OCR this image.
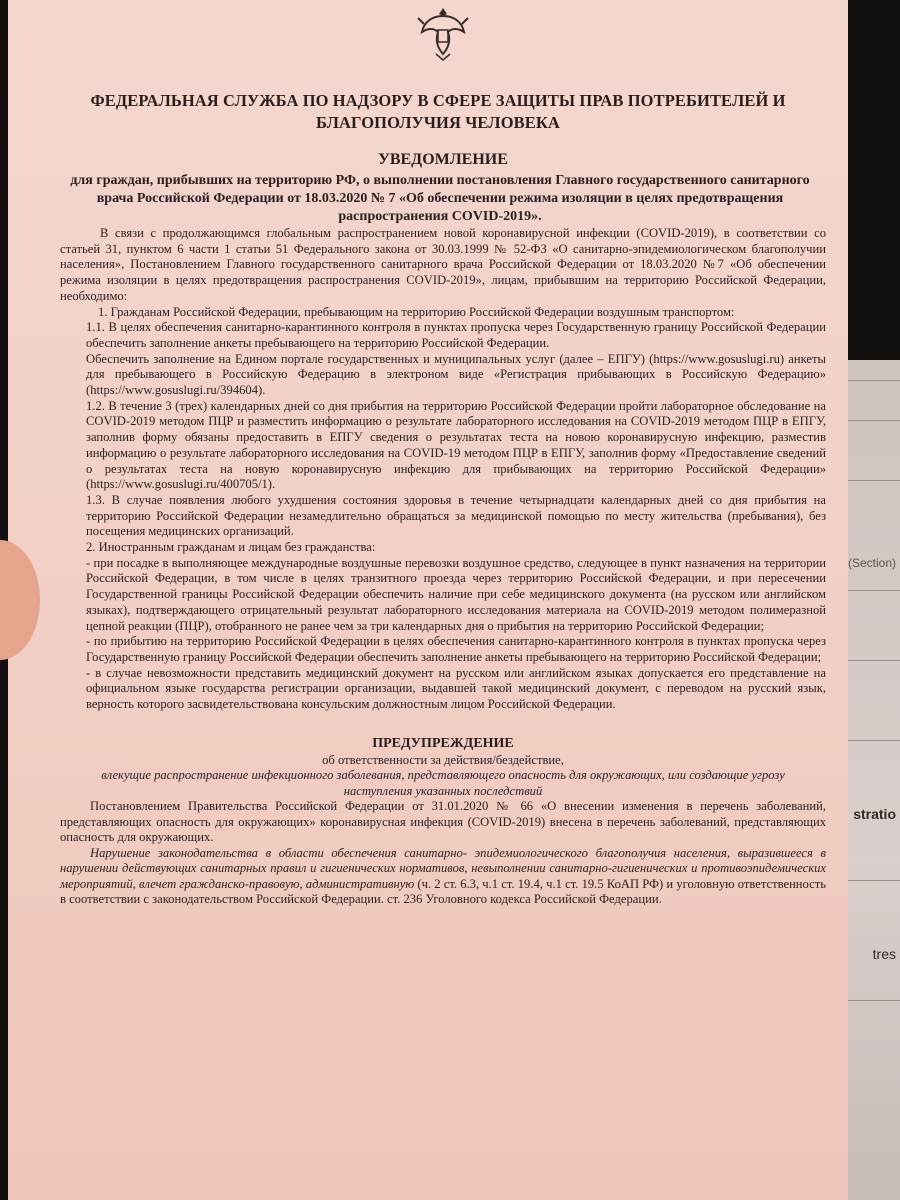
(Section)
stratio
tres
ФЕДЕРАЛЬНАЯ СЛУЖБА ПО НАДЗОРУ В СФЕРЕ ЗАЩИТЫ ПРАВ ПОТРЕБИТЕЛЕЙ И БЛАГОПОЛУЧИЯ ЧЕЛОВЕКА
УВЕДОМЛЕНИЕ
для граждан, прибывших на территорию РФ, о выполнении постановления Главного государственного санитарного врача Российской Федерации от 18.03.2020 № 7 «Об обеспечении режима изоляции в целях предотвращения распространения COVID-2019».

В связи с продолжающимся глобальным распространением новой коронавирусной инфекции (COVID-2019), в соответствии со статьей 31, пунктом 6 части 1 статьи 51 Федерального закона от 30.03.1999 № 52-ФЗ «О санитарно-эпидемиологическом благополучии населения», Постановлением Главного государственного санитарного врача Российской Федерации от 18.03.2020 №7 «Об обеспечении режима изоляции в целях предотвращения распространения COVID-2019», лицам, прибывшим на территорию Российской Федерации, необходимо:

1. Гражданам Российской Федерации, пребывающим на территорию Российской Федерации воздушным транспортом:

1.1. В целях обеспечения санитарно-карантинного контроля в пунктах пропуска через Государственную границу Российской Федерации обеспечить заполнение анкеты пребывающего на территорию Российской Федерации.

Обеспечить заполнение на Едином портале государственных и муниципальных услуг (далее – ЕПГУ) (https://www.gosuslugi.ru) анкеты для пребывающего в Российскую Федерацию в электроном виде «Регистрация прибывающих в Российскую Федерацию» (https://www.gosuslugi.ru/394604).

1.2. В течение 3 (трех) календарных дней со дня прибытия на территорию Российской Федерации пройти лабораторное обследование на COVID-2019 методом ПЦР и разместить информацию о результате лабораторного исследования на COVID-2019 методом ПЦР в ЕПГУ, заполнив форму обязаны предоставить в ЕПГУ сведения о результатах теста на новою коронавирусную инфекцию, разместив информацию о результате лабораторного исследования на COVID-19 методом ПЦР в ЕПГУ, заполнив форму «Предоставление сведений о результатах теста на новую коронавирусную инфекцию для прибывающих на территорию Российской Федерации» (https://www.gosuslugi.ru/400705/1).

1.3. В случае появления любого ухудшения состояния здоровья в течение четырнадцати календарных дней со дня прибытия на территорию Российской Федерации незамедлительно обращаться за медицинской помощью по месту жительства (пребывания), без посещения медицинских организаций.

2. Иностранным гражданам и лицам без гражданства:

- при посадке в выполняющее международные воздушные перевозки воздушное средство, следующее в пункт назначения на территории Российской Федерации, в том числе в целях транзитного проезда через территорию Российской Федерации, и при пересечении Государственной границы Российской Федерации обеспечить наличие при себе медицинского документа (на русском или английском языках), подтверждающего отрицательный результат лабораторного исследования материала на COVID-2019 методом полимеразной цепной реакции (ПЦР), отобранного не ранее чем за три календарных дня о прибытия на территорию Российской Федерации;

- по прибытию на территорию Российской Федерации в целях обеспечения санитарно-карантинного контроля в пунктах пропуска через Государственную границу Российской Федерации обеспечить заполнение анкеты пребывающего на территорию Российской Федерации;

- в случае невозможности представить медицинский документ на русском или английском языках допускается его представление на официальном языке государства регистрации организации, выдавшей такой медицинский документ, с переводом на русский язык, верность которого засвидетельствована консульским должностным лицом Российской Федерации.

ПРЕДУПРЕЖДЕНИЕ
об ответственности за действия/бездействие,
влекущие распространение инфекционного заболевания, представляющего опасность для окружающих, или создающие угрозу наступления указанных последствий

Постановлением Правительства Российской Федерации от 31.01.2020 № 66 «О внесении изменения в перечень заболеваний, представляющих опасность для окружающих» коронавирусная инфекция (COVID-2019) внесена в перечень заболеваний, представляющих опасность для окружающих.

Нарушение законодательства в области обеспечения санитарно- эпидемиологического благополучия населения, выразившееся в нарушении действующих санитарных правил и гигиенических нормативов, невыполнении санитарно-гигиенических и противоэпидемических мероприятий, влечет гражданско-правовую, административную (ч. 2 ст. 6.3, ч.1 ст. 19.4, ч.1 ст. 19.5 КоАП РФ) и уголовную ответственность в соответствии с законодательством Российской Федерации. ст. 236 Уголовного кодекса Российской Федерации.
